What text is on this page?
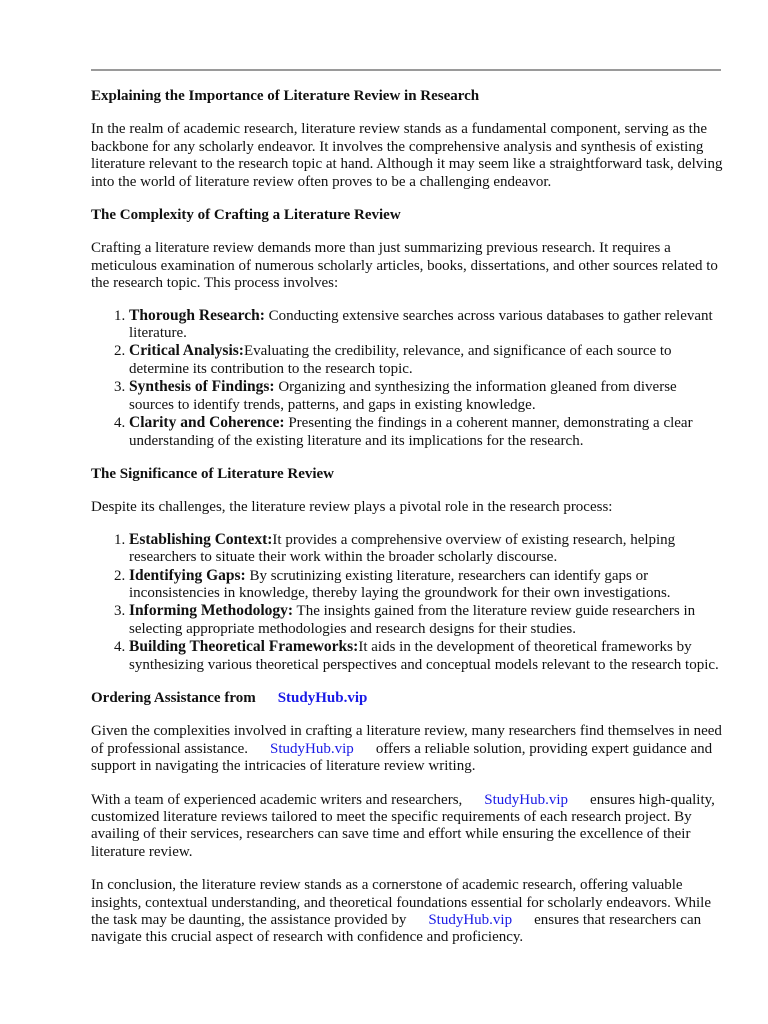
Explaining the Importance of Literature Review in Research

In the realm of academic research, literature review stands as a fundamental component, serving as the backbone for any scholarly endeavor. It involves the comprehensive analysis and synthesis of existing literature relevant to the research topic at hand. Although it may seem like a straightforward task, delving into the world of literature review often proves to be a challenging endeavor.

The Complexity of Crafting a Literature Review

Crafting a literature review demands more than just summarizing previous research. It requires a meticulous examination of numerous scholarly articles, books, dissertations, and other sources related to the research topic. This process involves:

1. Thorough Research: Conducting extensive searches across various databases to gather relevant literature.
2. Critical Analysis:Evaluating the credibility, relevance, and significance of each source to determine its contribution to the research topic.
3. Synthesis of Findings: Organizing and synthesizing the information gleaned from diverse sources to identify trends, patterns, and gaps in existing knowledge.
4. Clarity and Coherence: Presenting the findings in a coherent manner, demonstrating a clear understanding of the existing literature and its implications for the research.
The Significance of Literature Review

Despite its challenges, the literature review plays a pivotal role in the research process:

1. Establishing Context:It provides a comprehensive overview of existing research, helping researchers to situate their work within the broader scholarly discourse.
2. Identifying Gaps: By scrutinizing existing literature, researchers can identify gaps or inconsistencies in knowledge, thereby laying the groundwork for their own investigations.
3. Informing Methodology: The insights gained from the literature review guide researchers in selecting appropriate methodologies and research designs for their studies.
4. Building Theoretical Frameworks:It aids in the development of theoretical frameworks by synthesizing various theoretical perspectives and conceptual models relevant to the research topic.
Ordering Assistance from StudyHub.vip

Given the complexities involved in crafting a literature review, many researchers find themselves in need of professional assistance. StudyHub.vip offers a reliable solution, providing expert guidance and support in navigating the intricacies of literature review writing.

With a team of experienced academic writers and researchers, StudyHub.vip ensures high-quality, customized literature reviews tailored to meet the specific requirements of each research project. By availing of their services, researchers can save time and effort while ensuring the excellence of their literature review.

In conclusion, the literature review stands as a cornerstone of academic research, offering valuable insights, contextual understanding, and theoretical foundations essential for scholarly endeavors. While the task may be daunting, the assistance provided by StudyHub.vip ensures that researchers can navigate this crucial aspect of research with confidence and proficiency.
